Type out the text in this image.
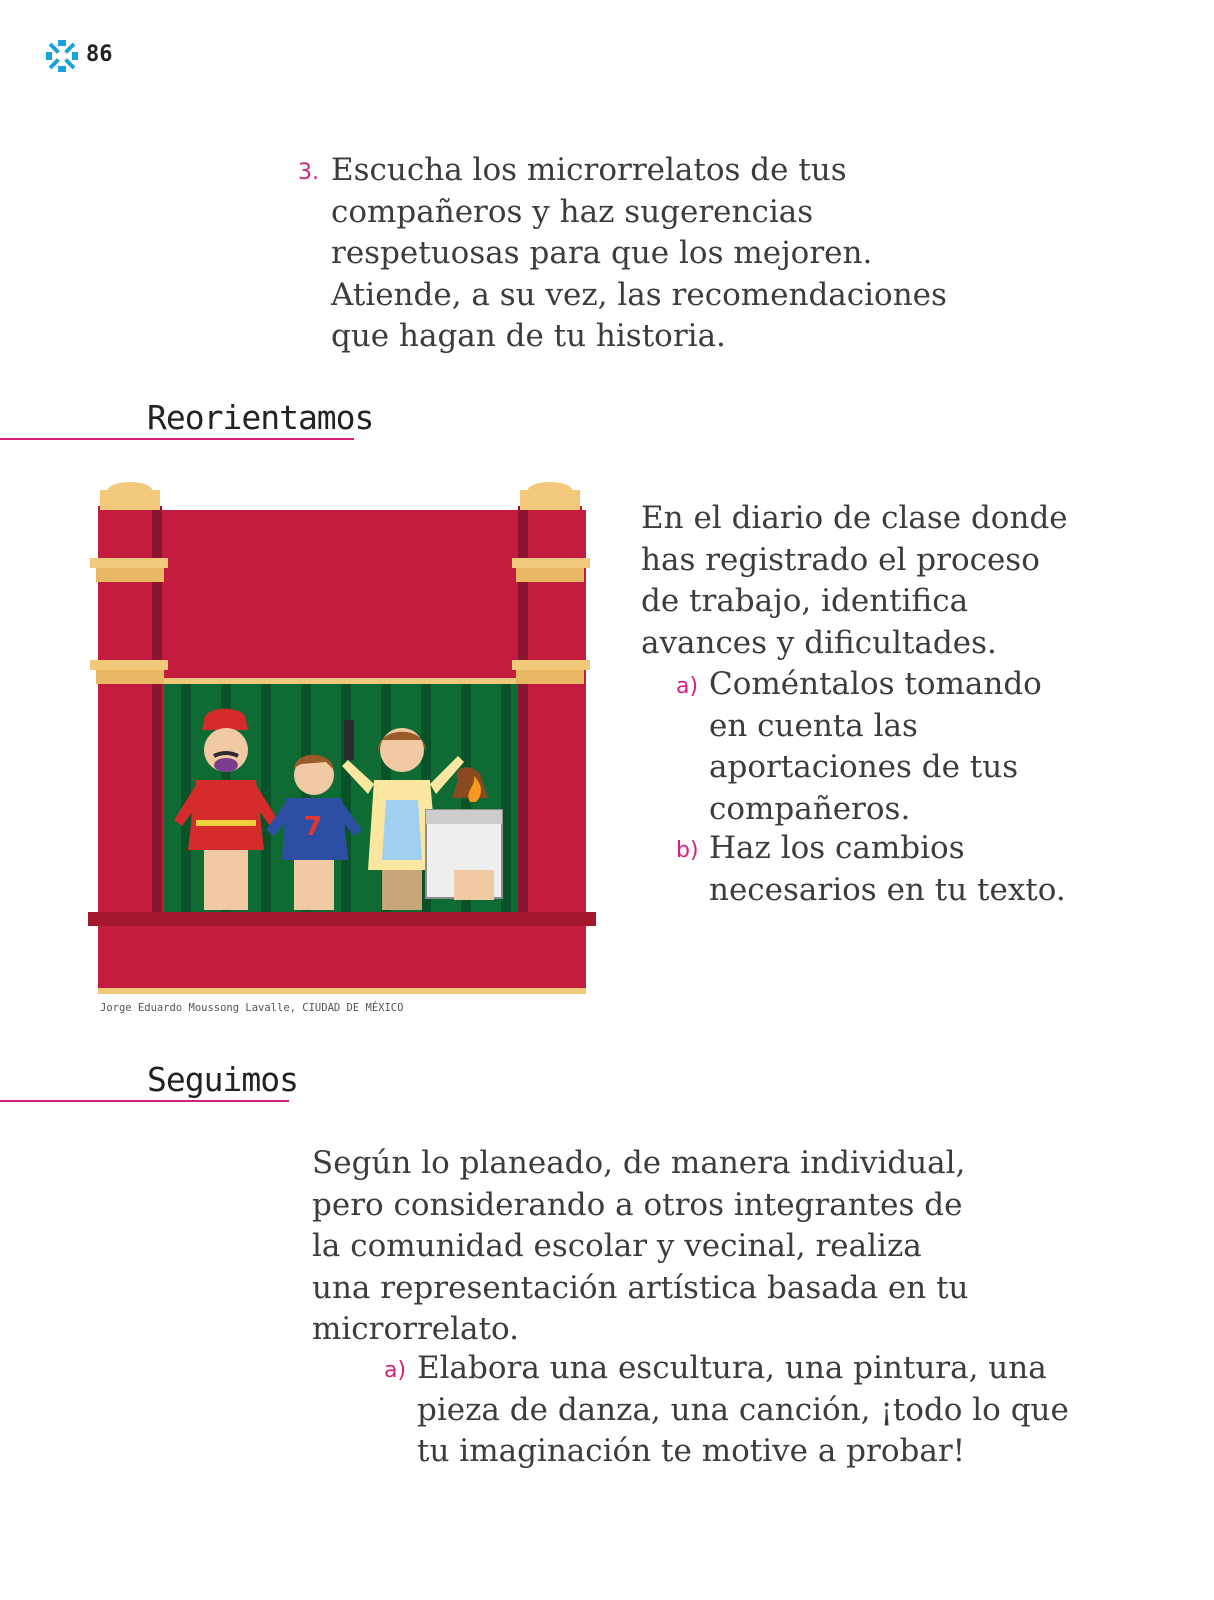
86
3. Escucha los microrrelatos de tus
compañeros y haz sugerencias
respetuosas para que los mejoren.
Atiende, a su vez, las recomendaciones
que hagan de tu historia.
Reorientamos
7
Jorge Eduardo Moussong Lavalle, CIUDAD DE MÉXICO
En el diario de clase donde
has registrado el proceso
de trabajo, identifica
avances y dificultades.
a) Coméntalos tomando
en cuenta las
aportaciones de tus
compañeros.
b) Haz los cambios
necesarios en tu texto.
Seguimos
Según lo planeado, de manera individual,
pero considerando a otros integrantes de
la comunidad escolar y vecinal, realiza
una representación artística basada en tu
microrrelato.
a) Elabora una escultura, una pintura, una
pieza de danza, una canción, ¡todo lo que
tu imaginación te motive a probar!
